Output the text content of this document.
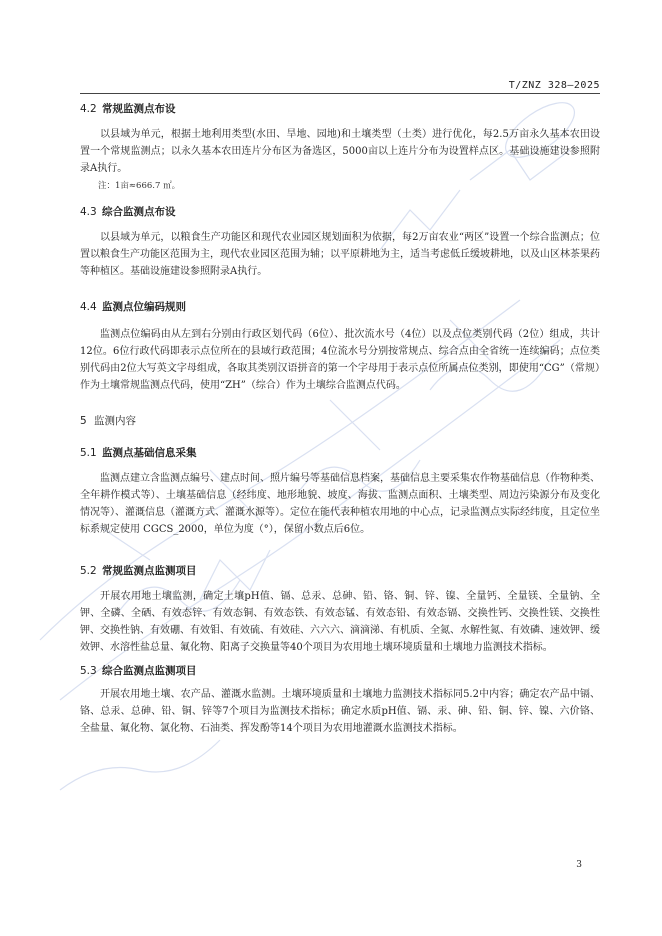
T/ZNZ 328—2025
4.2 常规监测点布设

以县域为单元，根据土地利用类型(水田、旱地、园地)和土壤类型（土类）进行优化，每2.5万亩永久基本农田设置一个常规监测点；以永久基本农田连片分布区为备选区，5000亩以上连片分布为设置样点区。基础设施建设参照附录A执行。

注：1亩≈666.7 ㎡。

4.3 综合监测点布设

以县域为单元，以粮食生产功能区和现代农业园区规划面积为依据，每2万亩农业“两区”设置一个综合监测点；位置以粮食生产功能区范围为主，现代农业园区范围为辅；以平原耕地为主，适当考虑低丘缓坡耕地，以及山区林茶果药等种植区。基础设施建设参照附录A执行。

4.4 监测点位编码规则

监测点位编码由从左到右分别由行政区划代码（6位）、批次流水号（4位）以及点位类别代码（2位）组成，共计12位。6位行政代码即表示点位所在的县域行政范围；4位流水号分别按常规点、综合点由全省统一连续编码；点位类别代码由2位大写英文字母组成，各取其类别汉语拼音的第一个字母用于表示点位所属点位类别，即使用“CG”（常规）作为土壤常规监测点代码，使用“ZH”（综合）作为土壤综合监测点代码。

5 监测内容
5.1 监测点基础信息采集

监测点建立含监测点编号、建点时间、照片编号等基础信息档案，基础信息主要采集农作物基础信息（作物种类、全年耕作模式等）、土壤基础信息（经纬度、地形地貌、坡度、海拔、监测点面积、土壤类型、周边污染源分布及变化情况等）、灌溉信息（灌溉方式、灌溉水源等）。定位在能代表种植农用地的中心点，记录监测点实际经纬度，且定位坐标系规定使用 CGCS_2000，单位为度（°），保留小数点后6位。

5.2 常规监测点监测项目

开展农用地土壤监测，确定土壤pH值、镉、总汞、总砷、铅、铬、铜、锌、镍、全量钙、全量镁、全量钠、全钾、全磷、全硒、有效态锌、有效态铜、有效态铁、有效态锰、有效态铅、有效态镉、交换性钙、交换性镁、交换性钾、交换性钠、有效硼、有效钼、有效硫、有效硅、六六六、滴滴涕、有机质、全氮、水解性氮、有效磷、速效钾、缓效钾、水溶性盐总量、氟化物、阳离子交换量等40个项目为农用地土壤环境质量和土壤地力监测技术指标。

5.3 综合监测点监测项目

开展农用地土壤、农产品、灌溉水监测。土壤环境质量和土壤地力监测技术指标同5.2中内容；确定农产品中镉、铬、总汞、总砷、铅、铜、锌等7个项目为监测技术指标；确定水质pH值、镉、汞、砷、铅、铜、锌、镍、六价铬、全盐量、氟化物、氯化物、石油类、挥发酚等14个项目为农用地灌溉水监测技术指标。

3
